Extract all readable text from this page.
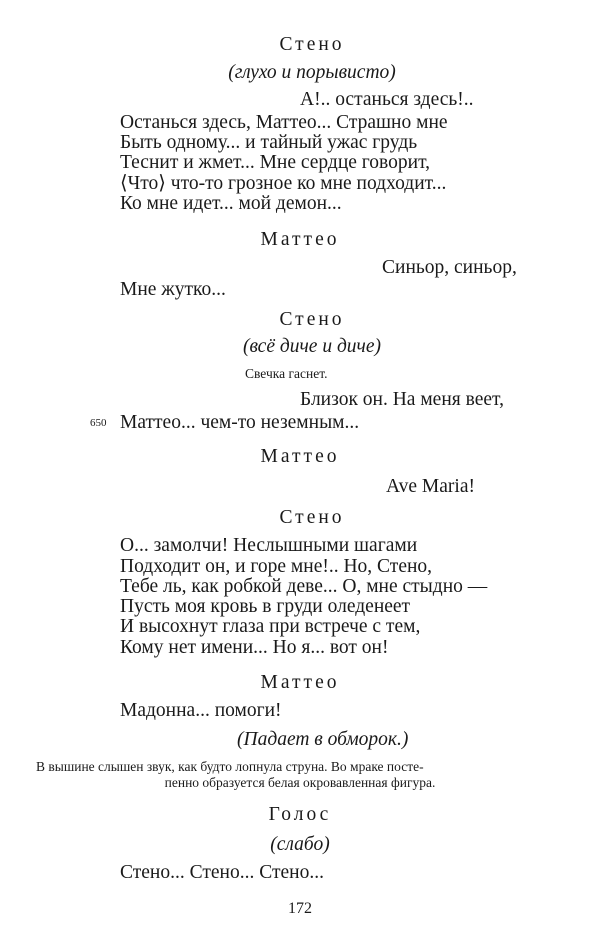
Стено
(глухо и порывисто)
А!.. останься здесь!..
Останься здесь, Маттео... Страшно мне
Быть одному... и тайный ужас грудь
Теснит и жмет... Мне сердце говорит,
⟨Что⟩ что-то грозное ко мне подходит...
Ко мне идет... мой демон...
Маттео
Синьор, синьор,
Мне жутко...
Стено
(всё диче и диче)
Свечка гаснет.
Близок он. На меня веет,
650 Маттео... чем-то неземным...
Маттео
Ave Maria!
Стено
О... замолчи! Неслышными шагами
Подходит он, и горе мне!.. Но, Стено,
Тебе ль, как робкой деве... О, мне стыдно —
Пусть моя кровь в груди оледенеет
И высохнут глаза при встрече с тем,
Кому нет имени... Но я... вот он!
Маттео
Мадонна... помоги!
(Падает в обморок.)
В вышине слышен звук, как будто лопнула струна. Во мраке посте-
пенно образуется белая окровавленная фигура.
Голос
(слабо)
Стено... Стено... Стено...
172
